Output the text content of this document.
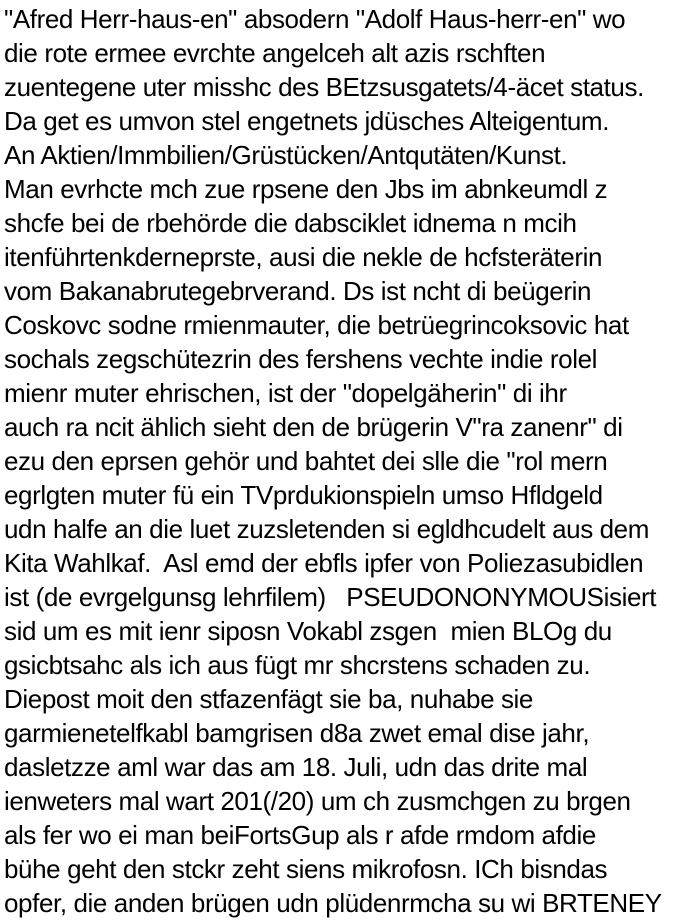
"Afred Herr-haus-en" absodern "Adolf Haus-herr-en" wo
die rote ermee evrchte angelceh alt azis rschften
zuentegene uter misshc des BEtzsusgatets/4-äcet status.
Da get es umvon stel engetnets jdüsches Alteigentum.
An Aktien/Immbilien/Grüstücken/Antqutäten/Kunst.
Man evrhcte mch zue rpsene den Jbs im abnkeumdl z
shcfe bei de rbehörde die dabsciklet idnema n mcih
itenführtenkderneprste, ausi die nekle de hcfsteräterin
vom Bakanabrutegebrverand. Ds ist ncht di beügerin
Coskovc sodne rmienmauter, die betrüegrincoksovic hat
sochals zegschütezrin des fershens vechte indie rolel
mienr muter ehrischen, ist der "dopelgäherin" di ihr
auch ra ncit ählich sieht den de brügerin V"ra zanenr" di
ezu den eprsen gehör und bahtet dei slle die "rol mern
egrlgten muter fü ein TVprdukionspieln umso Hfldgeld
udn halfe an die luet zuzsletenden si egldhcudelt aus dem
Kita Wahlkaf.  Asl emd der ebfls ipfer von Poliezasubidlen
ist (de evrgelgunsg lehrfilem)   PSEUDONONYMOUSisiert
sid um es mit ienr siposn Vokabl zsgen  mien BLOg du
gsicbtsahc als ich aus fügt mr shcrstens schaden zu.
Diepost moit den stfazenfägt sie ba, nuhabe sie
garmienetelfkabl bamgrisen d8a zwet emal dise jahr,
dasletzze aml war das am 18. Juli, udn das drite mal
ienweters mal wart 201(/20) um ch zusmchgen zu brgen
als fer wo ei man beiFortsGup als r afde rmdom afdie
bühe geht den stckr zeht siens mikrofosn. ICh bisndas
opfer, die anden brügen udn plüdenrmcha su wi BRTENEY
